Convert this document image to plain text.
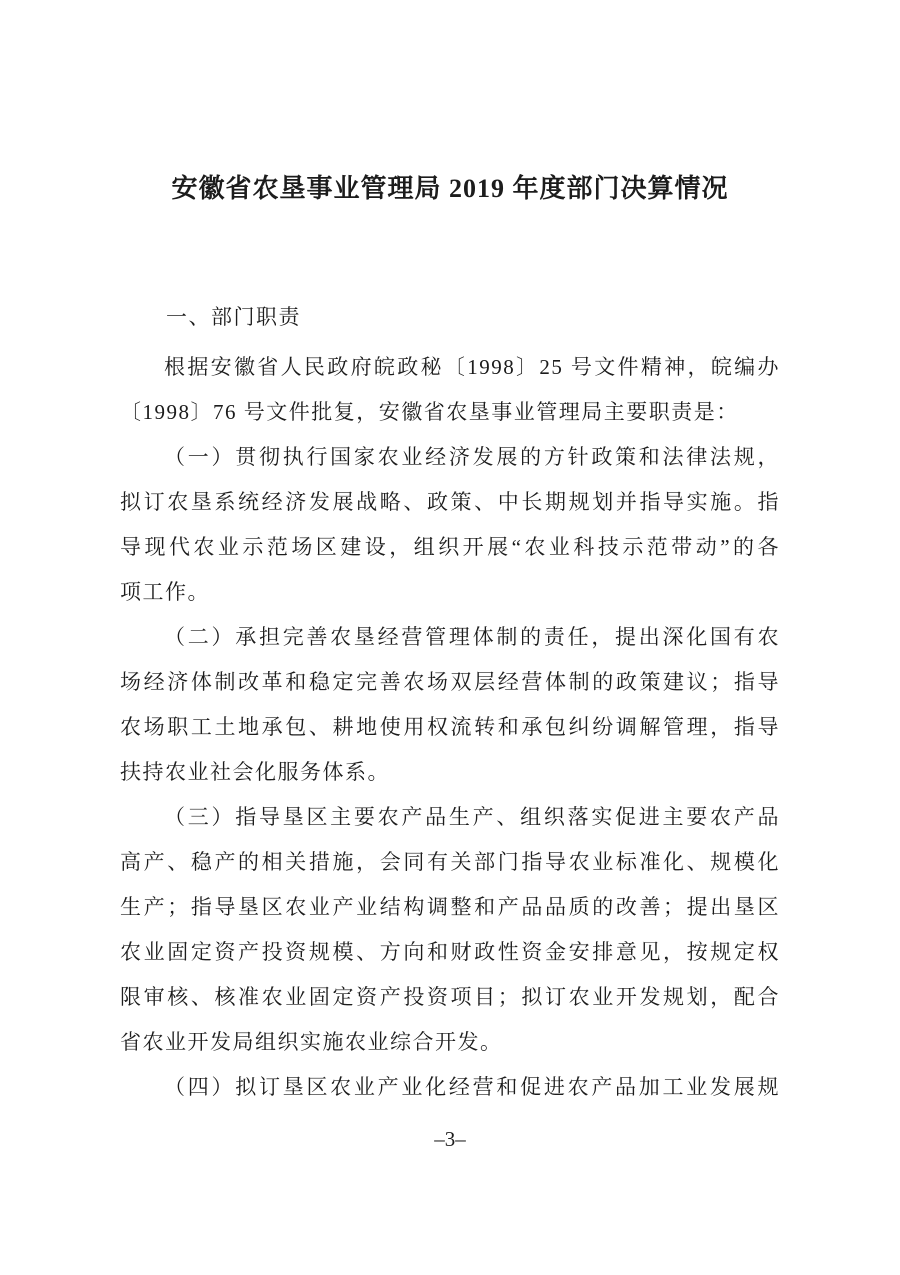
安徽省农垦事业管理局 2019 年度部门决算情况
一、部门职责
根据安徽省人民政府皖政秘〔1998〕25 号文件精神，皖编办
〔1998〕76 号文件批复，安徽省农垦事业管理局主要职责是：
（一）贯彻执行国家农业经济发展的方针政策和法律法规，
拟订农垦系统经济发展战略、政策、中长期规划并指导实施。指
导现代农业示范场区建设，组织开展“农业科技示范带动”的各
项工作。
（二）承担完善农垦经营管理体制的责任，提出深化国有农
场经济体制改革和稳定完善农场双层经营体制的政策建议；指导
农场职工土地承包、耕地使用权流转和承包纠纷调解管理，指导
扶持农业社会化服务体系。
（三）指导垦区主要农产品生产、组织落实促进主要农产品
高产、稳产的相关措施，会同有关部门指导农业标准化、规模化
生产；指导垦区农业产业结构调整和产品品质的改善；提出垦区
农业固定资产投资规模、方向和财政性资金安排意见，按规定权
限审核、核准农业固定资产投资项目；拟订农业开发规划，配合
省农业开发局组织实施农业综合开发。
（四）拟订垦区农业产业化经营和促进农产品加工业发展规
–3–
